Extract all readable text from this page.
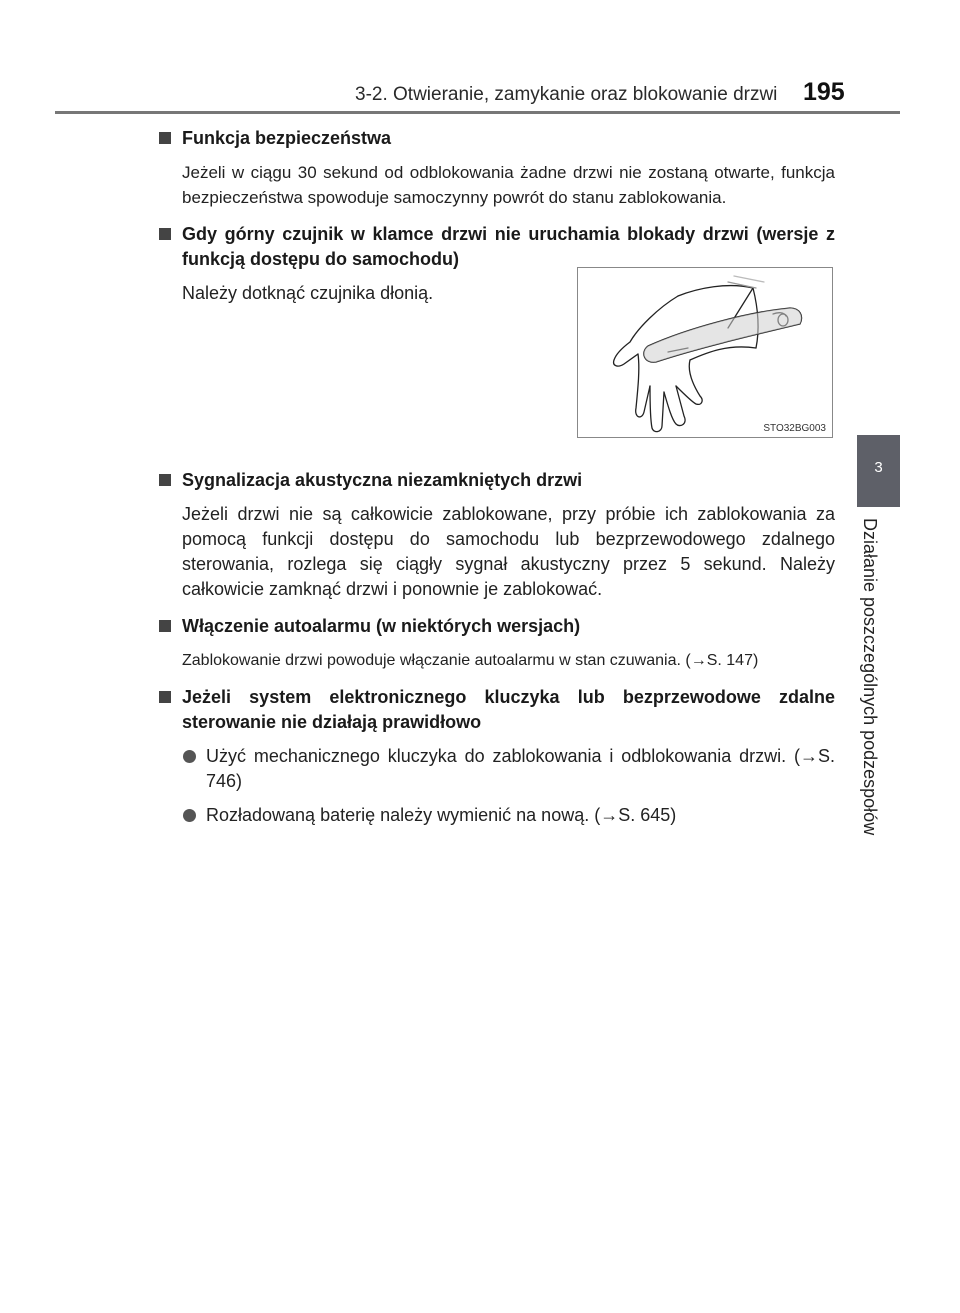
3-2. Otwieranie, zamykanie oraz blokowanie drzwi 195
3
Działanie poszczególnych podzespołów
Funkcja bezpieczeństwa
Jeżeli w ciągu 30 sekund od odblokowania żadne drzwi nie zostaną otwarte, funkcja bezpieczeństwa spowoduje samoczynny powrót do stanu zablokowania.
Gdy górny czujnik w klamce drzwi nie uruchamia blokady drzwi (wersje z funkcją dostępu do samochodu)
Należy dotknąć czujnika dłonią.
Sygnalizacja akustyczna niezamkniętych drzwi
Jeżeli drzwi nie są całkowicie zablokowane, przy próbie ich zablokowania za pomocą funkcji dostępu do samochodu lub bezprzewodowego zdalnego sterowania, rozlega się ciągły sygnał akustyczny przez 5 sekund. Należy całkowicie zamknąć drzwi i ponownie je zablokować.
Włączenie autoalarmu (w niektórych wersjach)
Zablokowanie drzwi powoduje włączanie autoalarmu w stan czuwania. (→S. 147)
Jeżeli system elektronicznego kluczyka lub bezprzewodowe zdalne sterowanie nie działają prawidłowo
Użyć mechanicznego kluczyka do zablokowania i odblokowania drzwi. (→S. 746)
Rozładowaną baterię należy wymienić na nową. (→S. 645)
STO32BG003
